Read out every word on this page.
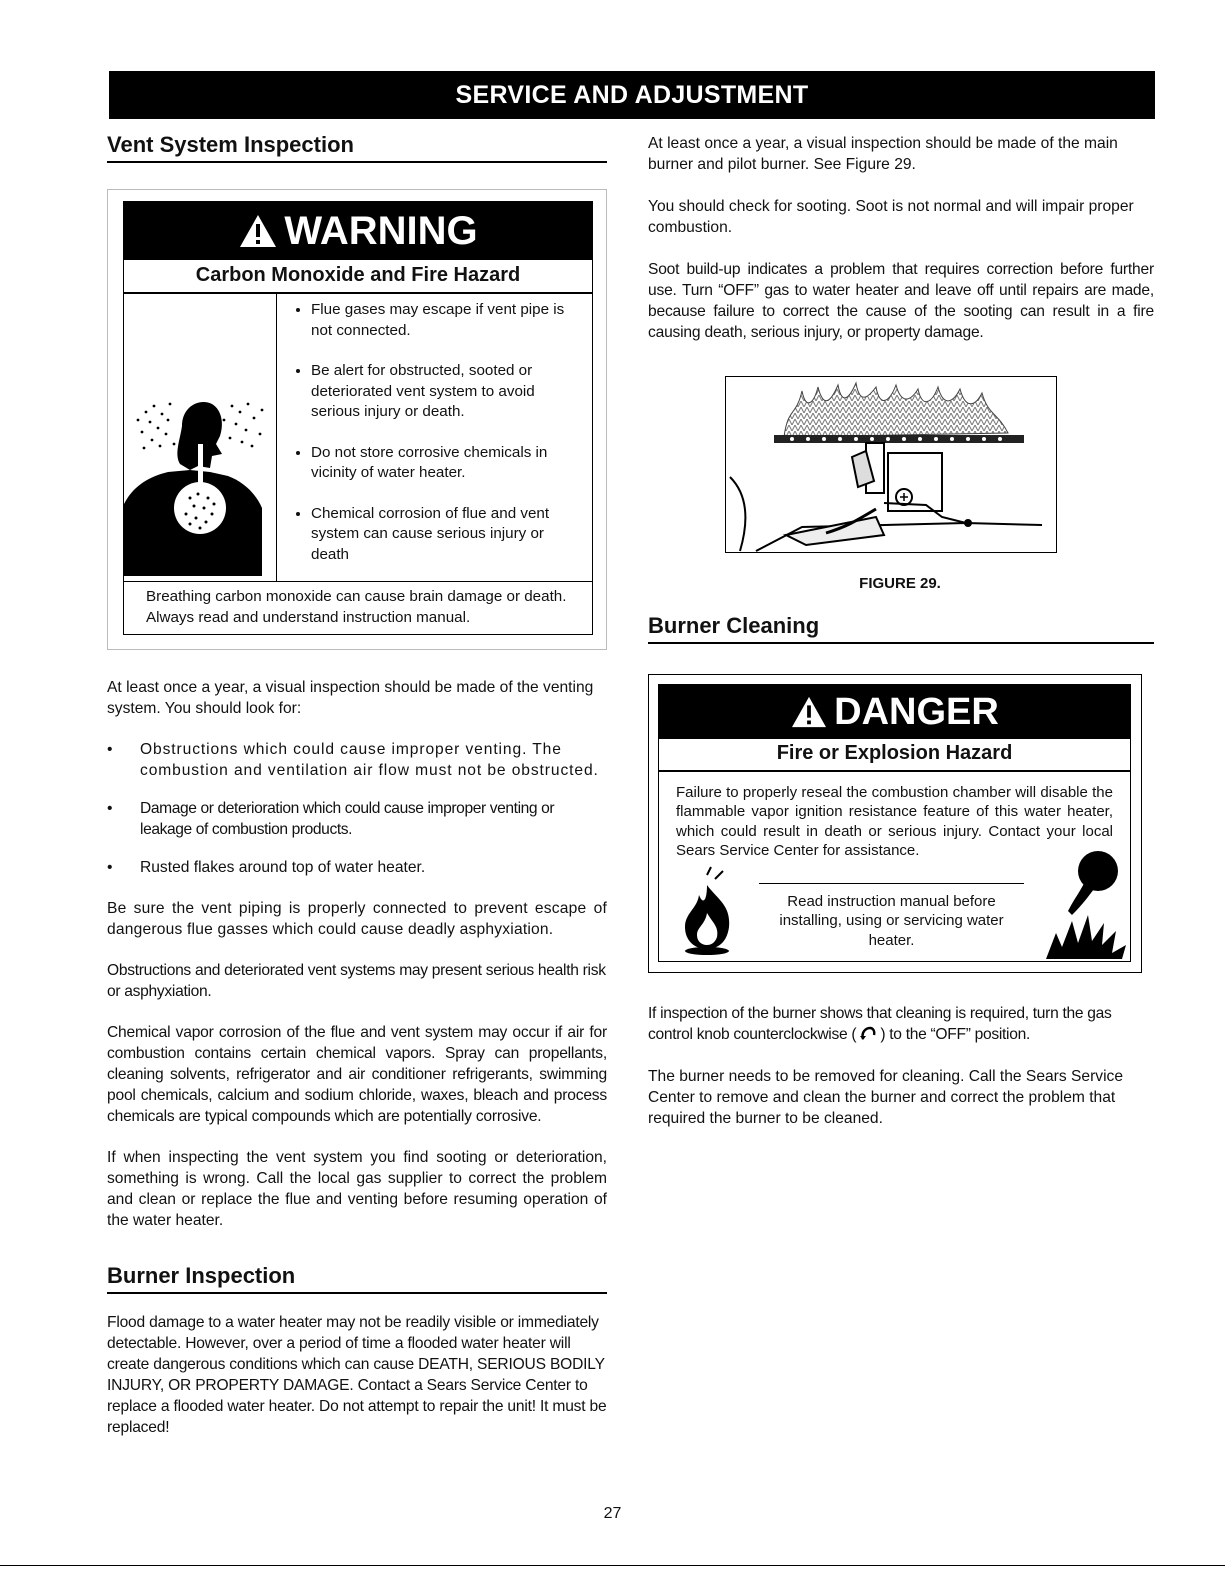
SERVICE AND ADJUSTMENT
Vent System Inspection
WARNING
Carbon Monoxide and Fire Hazard
• Flue gases may escape if vent pipe is not connected.
• Be alert for obstructed, sooted or deteriorated vent system to avoid serious injury or death.
• Do not store corrosive chemicals in vicinity of water heater.
• Chemical corrosion of flue and vent system can cause serious injury or death
Breathing carbon monoxide can cause brain damage or death. Always read and understand instruction manual.

At least once a year, a visual inspection should be made of the venting system. You should look for:

•	Obstructions which could cause improper venting. The combustion and ventilation air flow must not be obstructed.
•	Damage or deterioration which could cause improper venting or leakage of combustion products.
•	Rusted flakes around top of water heater.

Be sure the vent piping is properly connected to prevent escape of dangerous flue gasses which could cause deadly asphyxiation.

Obstructions and deteriorated vent systems may present serious health risk or asphyxiation.

Chemical vapor corrosion of the flue and vent system may occur if air for combustion contains certain chemical vapors. Spray can propellants, cleaning solvents, refrigerator and air conditioner refrigerants, swimming pool chemicals, calcium and sodium chloride, waxes, bleach and process chemicals are typical compounds which are potentially corrosive.

If when inspecting the vent system you find sooting or deterioration, something is wrong. Call the local gas supplier to correct the problem and clean or replace the flue and venting before resuming operation of the water heater.

Burner Inspection

Flood damage to a water heater may not be readily visible or immediately detectable. However, over a period of time a flooded water heater will create dangerous conditions which can cause DEATH, SERIOUS BODILY INJURY, OR PROPERTY DAMAGE. Contact a Sears Service Center to replace a flooded water heater. Do not attempt to repair the unit! It must be replaced!

At least once a year, a visual inspection should be made of the main burner and pilot burner. See Figure 29.

You should check for sooting. Soot is not normal and will impair proper combustion.

Soot build-up indicates a problem that requires correction before further use. Turn “OFF” gas to water heater and leave off until repairs are made, because failure to correct the cause of the sooting can result in a fire causing death, serious injury, or property damage.

FIGURE 29.
Burner Cleaning
DANGER
Fire or Explosion Hazard
Failure to properly reseal the combustion chamber will disable the flammable vapor ignition resistance feature of this water heater, which could result in death or serious injury. Contact your local Sears Service Center for assistance.
Read instruction manual before installing, using or servicing water heater.

If inspection of the burner shows that cleaning is required, turn the gas control knob counterclockwise ( ) to the “OFF” position.

The burner needs to be removed for cleaning. Call the Sears Service Center to remove and clean the burner and correct the problem that required the burner to be cleaned.

27
